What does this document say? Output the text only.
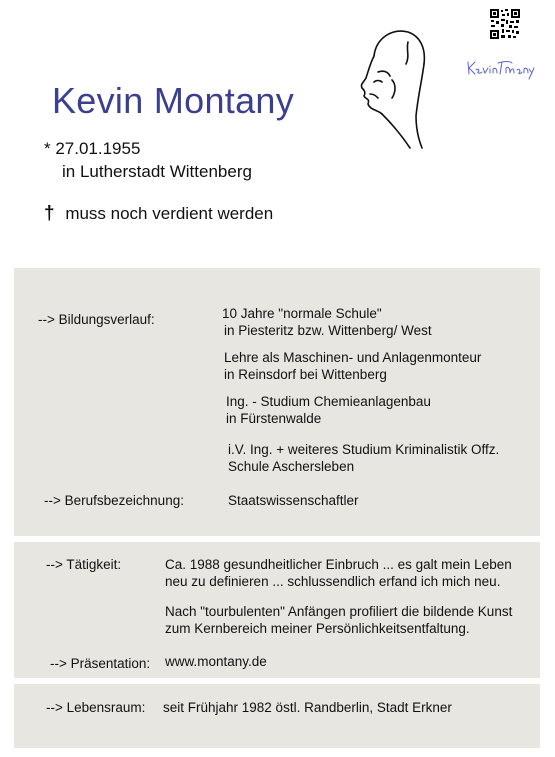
Kevin Montany
* 27.01.1955
in Lutherstadt Wittenberg
† muss noch verdient werden
--> Bildungsverlauf:	10 Jahre "normale Schule"
in Piesteritz bzw. Wittenberg/ West
Lehre als Maschinen- und Anlagenmonteur
in Reinsdorf bei Wittenberg
Ing. - Studium Chemieanlagenbau
in Fürstenwalde
i.V. Ing. + weiteres Studium Kriminalistik Offz.
Schule Aschersleben
--> Berufsbezeichnung:	Staatswissenschaftler
--> Tätigkeit:	Ca. 1988 gesundheitlicher Einbruch ... es galt mein Leben
neu zu definieren ... schlussendlich erfand ich mich neu.
Nach "tourbulenten" Anfängen profiliert die bildende Kunst
zum Kernbereich meiner Persönlichkeitsentfaltung.
--> Präsentation: www.montany.de
--> Lebensraum: seit Frühjahr 1982 östl. Randberlin, Stadt Erkner
